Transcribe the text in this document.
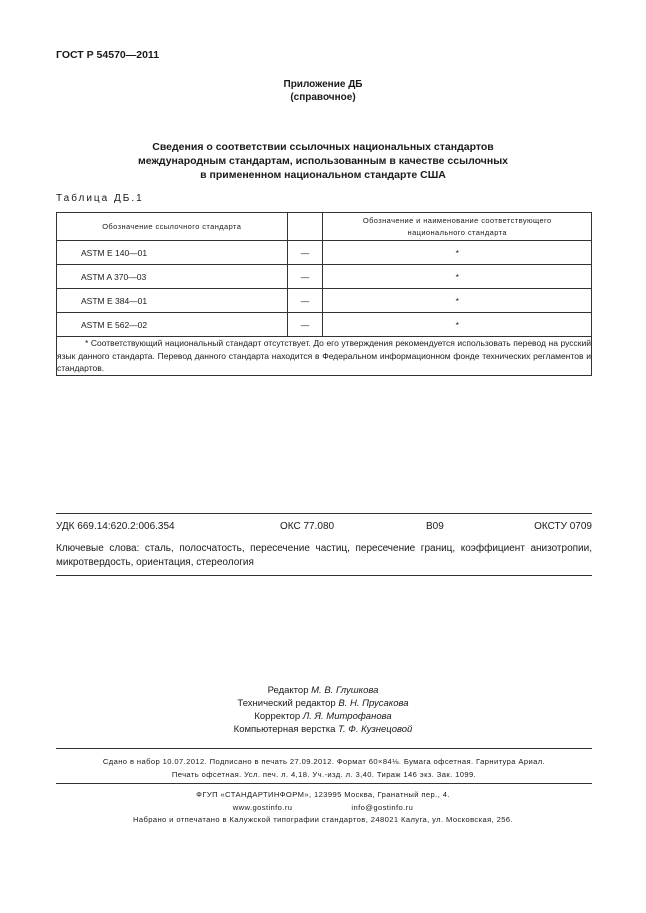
ГОСТ Р 54570—2011
Приложение ДБ
(справочное)
Сведения о соответствии ссылочных национальных стандартов
международным стандартам, использованным в качестве ссылочных
в примененном национальном стандарте США
Таблица ДБ.1
Обозначение ссылочного стандарта		Обозначение и наименование соответствующего
национального стандарта

ASTM E 140—01	—	*
ASTM A 370—03	—	*
ASTM E 384—01	—	*
ASTM E 562—02	—	*

* Соответствующий национальный стандарт отсутствует. До его утверждения рекомендуется использовать перевод на русский язык данного стандарта. Перевод данного стандарта находится в Федеральном информационном фонде технических регламентов и стандартов.		
УДК 669.14:620.2:006.354	ОКС 77.080	В09	ОКСТУ 0709
Ключевые слова: сталь, полосчатость, пересечение частиц, пересечение границ, коэффициент анизотропии, микротвердость, ориентация, стереология
Редактор М. В. Глушкова
Технический редактор В. Н. Прусакова
Корректор Л. Я. Митрофанова
Компьютерная верстка Т. Ф. Кузнецовой
Сдано в набор 10.07.2012. Подписано в печать 27.09.2012. Формат 60×84⅛. Бумага офсетная. Гарнитура Ариал.
Печать офсетная. Усл. печ. л. 4,18. Уч.-изд. л. 3,40. Тираж 146 экз. Зак. 1099.
ФГУП «СТАНДАРТИНФОРМ», 123995 Москва, Гранатный пер., 4.
www.gostinfo.ru	info@gostinfo.ru
Набрано и отпечатано в Калужской типографии стандартов, 248021 Калуга, ул. Московская, 256.
